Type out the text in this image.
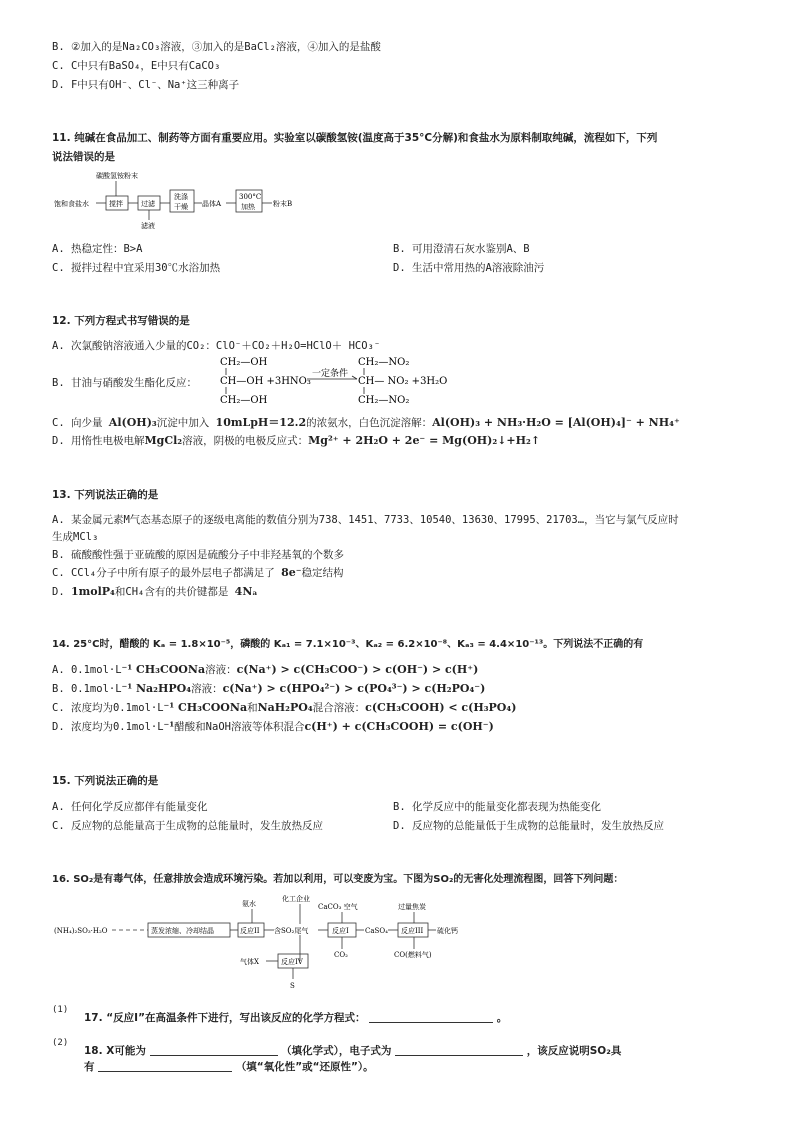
B. ②加入的是Na₂CO₃溶液，③加入的是BaCl₂溶液，④加入的是盐酸
C. C中只有BaSO₄，E中只有CaCO₃
D. F中只有OH⁻、Cl⁻、Na⁺这三种离子
11. 纯碱在食品加工、制药等方面有重要应用。实验室以碳酸氢铵(温度高于35°C分解)和食盐水为原料制取纯碱，流程如下，下列
说法错误的是
碳酸氢铵粉末
饱和食盐水	搅拌	过滤
滤液
洗涤
干燥 晶体A
300°C
加热	粉末B
A. 热稳定性：B>A	B. 可用澄清石灰水鉴别A、B
C. 搅拌过程中宜采用30℃水浴加热	D. 生活中常用热的A溶液除油污
12. 下列方程式书写错误的是
A. 次氯酸钠溶液通入少量的CO₂：ClO⁻＋CO₂＋H₂O=HClO＋ HCO₃⁻
B. 甘油与硝酸发生酯化反应：
CH₂—OH
CH—OH +3HNO₃
CH₂—OH
一定条件
CH₂—NO₂
CH— NO₂ +3H₂O
CH₂—NO₂
C. 向少量 Al(OH)₃沉淀中加入 10mLpH＝12.2的浓氨水，白色沉淀溶解：Al(OH)₃ + NH₃·H₂O = [Al(OH)₄]⁻ + NH₄⁺
D. 用惰性电极电解MgCl₂溶液，阴极的电极反应式：Mg²⁺ + 2H₂O + 2e⁻ = Mg(OH)₂↓+H₂↑
13. 下列说法正确的是
A. 某金属元素M气态基态原子的逐级电离能的数值分别为738、1451、7733、10540、13630、17995、21703…，当它与氯气反应时
生成MCl₃
B. 硫酸酸性强于亚硫酸的原因是硫酸分子中非羟基氧的个数多
C. CCl₄分子中所有原子的最外层电子都满足了 8e⁻稳定结构
D. 1molP₄和CH₄含有的共价键都是 4Nₐ
14. 25°C时，醋酸的 Kₐ = 1.8×10⁻⁵，磷酸的 Kₐ₁ = 7.1×10⁻³、Kₐ₂ = 6.2×10⁻⁸、Kₐ₃ = 4.4×10⁻¹³。下列说法不正确的有
A. 0.1mol·L⁻¹ CH₃COONa溶液：c(Na⁺) > c(CH₃COO⁻) > c(OH⁻) > c(H⁺)
B. 0.1mol·L⁻¹ Na₂HPO₄溶液：c(Na⁺) > c(HPO₄²⁻) > c(PO₄³⁻) > c(H₂PO₄⁻)
C. 浓度均为0.1mol·L⁻¹ CH₃COONa和NaH₂PO₄混合溶液：c(CH₃COOH) < c(H₃PO₄)
D. 浓度均为0.1mol·L⁻¹醋酸和NaOH溶液等体积混合c(H⁺) + c(CH₃COOH) = c(OH⁻)
15. 下列说法正确的是
A. 任何化学反应都伴有能量变化	B. 化学反应中的能量变化都表现为热能变化
C. 反应物的总能量高于生成物的总能量时，发生放热反应	D. 反应物的总能量低于生成物的总能量时，发生放热反应
16. SO₂是有毒气体，任意排放会造成环境污染。若加以利用，可以变废为宝。下图为SO₂的无害化处理流程图，回答下列问题：
(NH₄)₂SO₃·H₂O	蒸发浓缩、冷却结晶
氨水
反应II
化工企业
含SO₂尾气
CaCO₃ 空气
反应I
CO₂
CaSO₄
过量焦炭
反应III 硫化钙
CO(燃料气)
气体X	反应IV
S
(1)
17. “反应I”在高温条件下进行，写出该反应的化学方程式：	。
(2)
18. X可能为	（填化学式），电子式为	，该反应说明SO₂具
有	（填“氧化性”或“还原性”）。
